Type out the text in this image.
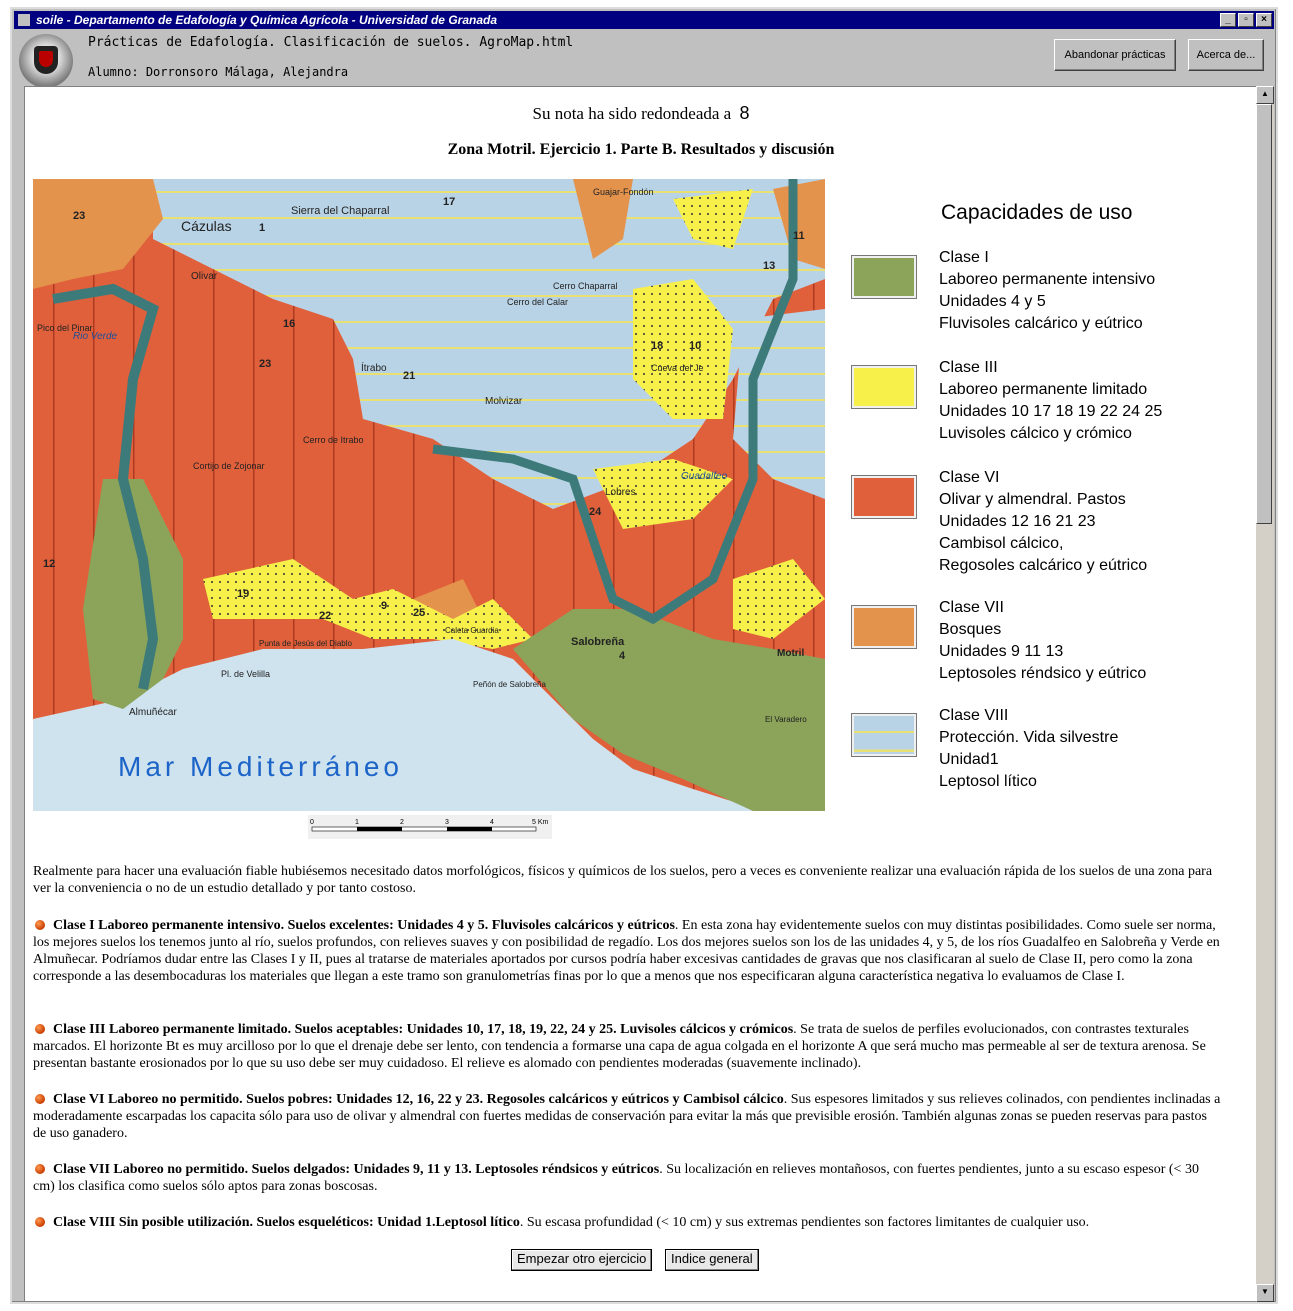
soile - Departamento de Edafología y Química Agrícola - Universidad de Granada	_	▫	×
Prácticas de Edafología. Clasificación de suelos. AgroMap.html
Alumno: Dorronsoro Málaga, Alejandra
Abandonar prácticas	Acerca de...
Su nota ha sido redondeada a 8
Zona Motril. Ejercicio 1. Parte B. Resultados y discusión
Mar Mediterráneo
Cázulas
Sierra del Chaparral
Olivar
Ítrabo
Molvizar
Lobres
Salobreña
Almuñécar
Motril
Guajar-Fondón
Cerro del Calar
Cerro Chaparral
Pico del Pinar
Cueva del Je
Punta de Jesús del Diablo
Pl. de Velilla
Peñón de Salobreña
El Varadero
Caleta Guardia
Cerro de Itrabo
Cortijo de Zojonar
Rio Verde
Guadalfeo
23
1
17
16
23
21
18 10
19
22
24
25
4
9
13
12
11
0	1	2	3	4	5 Km
Capacidades de uso
Clase I
Laboreo permanente intensivo
Unidades 4 y 5
Fluvisoles calcárico y eútrico
Clase III
Laboreo permanente limitado
Unidades 10 17 18 19 22 24 25
Luvisoles cálcico y crómico
Clase VI
Olivar y almendral. Pastos
Unidades 12 16 21 23
Cambisol cálcico,
Regosoles calcárico y eútrico
Clase VII
Bosques
Unidades 9 11 13
Leptosoles réndsico y eútrico
Clase VIII
Protección. Vida silvestre
Unidad1
Leptosol lítico
Realmente para hacer una evaluación fiable hubiésemos necesitado datos morfológicos, físicos y químicos de los suelos, pero a veces es conveniente realizar una evaluación rápida de los suelos de una zona para ver la conveniencia o no de un estudio detallado y por tanto costoso.
Clase I Laboreo permanente intensivo. Suelos excelentes: Unidades 4 y 5. Fluvisoles calcáricos y eútricos. En esta zona hay evidentemente suelos con muy distintas posibilidades. Como suele ser norma, los mejores suelos los tenemos junto al río, suelos profundos, con relieves suaves y con posibilidad de regadío. Los dos mejores suelos son los de las unidades 4, y 5, de los ríos Guadalfeo en Salobreña y Verde en Almuñecar. Podríamos dudar entre las Clases I y II, pues al tratarse de materiales aportados por cursos podría haber excesivas cantidades de gravas que nos clasificaran al suelo de Clase II, pero como la zona corresponde a las desembocaduras los materiales que llegan a este tramo son granulometrías finas por lo que a menos que nos especificaran alguna característica negativa lo evaluamos de Clase I.
Clase III Laboreo permanente limitado. Suelos aceptables: Unidades 10, 17, 18, 19, 22, 24 y 25. Luvisoles cálcicos y crómicos. Se trata de suelos de perfiles evolucionados, con contrastes texturales marcados. El horizonte Bt es muy arcilloso por lo que el drenaje debe ser lento, con tendencia a formarse una capa de agua colgada en el horizonte A que será mucho mas permeable al ser de textura arenosa. Se presentan bastante erosionados por lo que su uso debe ser muy cuidadoso. El relieve es alomado con pendientes moderadas (suavemente inclinado).
Clase VI Laboreo no permitido. Suelos pobres: Unidades 12, 16, 22 y 23. Regosoles calcáricos y eútricos y Cambisol cálcico. Sus espesores limitados y sus relieves colinados, con pendientes inclinadas a moderadamente escarpadas los capacita sólo para uso de olivar y almendral con fuertes medidas de conservación para evitar la más que previsible erosión. También algunas zonas se pueden reservas para pastos de uso ganadero.
Clase VII Laboreo no permitido. Suelos delgados: Unidades 9, 11 y 13. Leptosoles réndsicos y eútricos. Su localización en relieves montañosos, con fuertes pendientes, junto a su escaso espesor (< 30 cm) los clasifica como suelos sólo aptos para zonas boscosas.
Clase VIII Sin posible utilización. Suelos esqueléticos: Unidad 1.Leptosol lítico. Su escasa profundidad (< 10 cm) y sus extremas pendientes son factores limitantes de cualquier uso.
Empezar otro ejercicio	Indice general
▲
▼
